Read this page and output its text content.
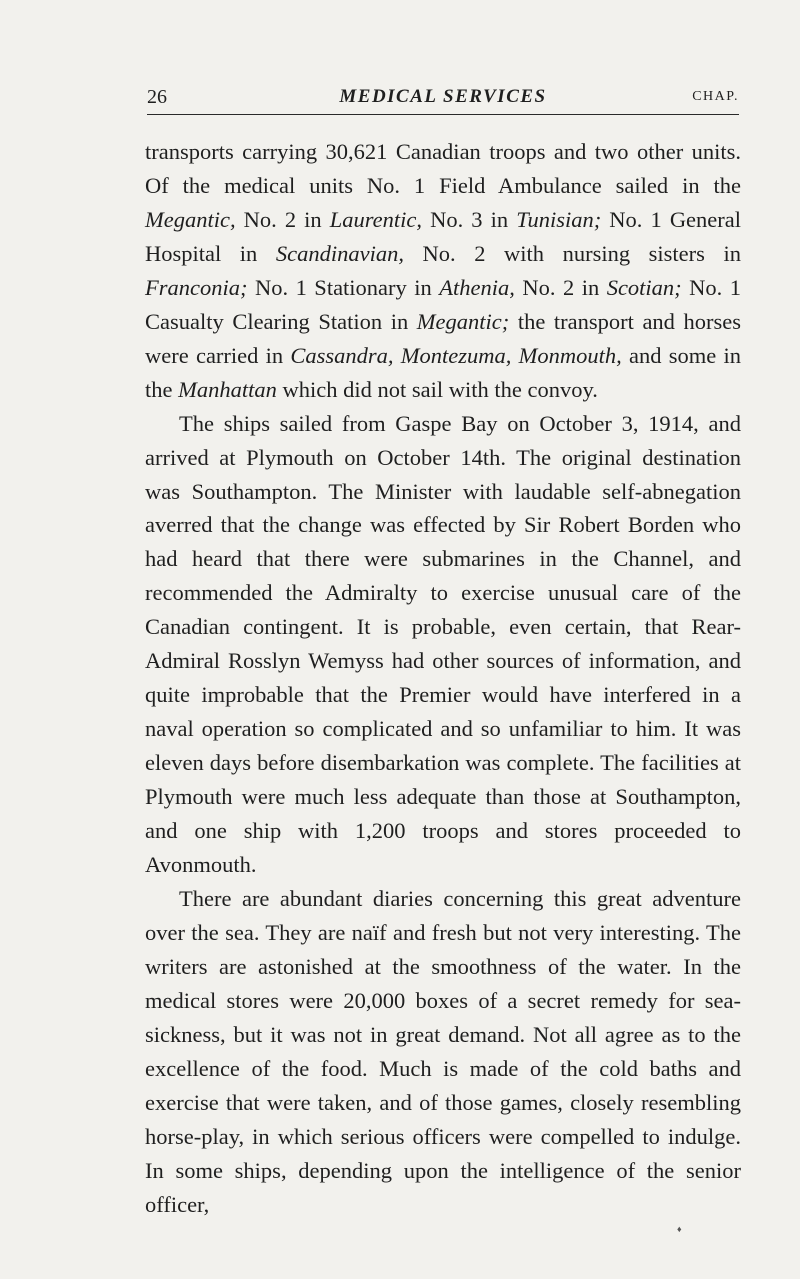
26	MEDICAL SERVICES	CHAP.

transports carrying 30,621 Canadian troops and two other units. Of the medical units No. 1 Field Ambulance sailed in the Megantic, No. 2 in Laurentic, No. 3 in Tunisian; No. 1 General Hospital in Scandinavian, No. 2 with nursing sisters in Franconia; No. 1 Stationary in Athenia, No. 2 in Scotian; No. 1 Casualty Clearing Station in Megantic; the transport and horses were carried in Cassandra, Montezuma, Monmouth, and some in the Manhattan which did not sail with the convoy.

The ships sailed from Gaspe Bay on October 3, 1914, and arrived at Plymouth on October 14th. The original destination was Southampton. The Minister with laudable self-abnegation averred that the change was effected by Sir Robert Borden who had heard that there were submarines in the Channel, and recommended the Admiralty to exercise unusual care of the Canadian contingent. It is probable, even certain, that Rear-Admiral Rosslyn Wemyss had other sources of information, and quite improbable that the Premier would have interfered in a naval operation so complicated and so unfamiliar to him. It was eleven days before disembarkation was complete. The facilities at Plymouth were much less adequate than those at Southampton, and one ship with 1,200 troops and stores proceeded to Avonmouth.

There are abundant diaries concerning this great adventure over the sea. They are naïf and fresh but not very interesting. The writers are astonished at the smoothness of the water. In the medical stores were 20,000 boxes of a secret remedy for sea-sickness, but it was not in great demand. Not all agree as to the excellence of the food. Much is made of the cold baths and exercise that were taken, and of those games, closely resembling horse-play, in which serious officers were compelled to indulge. In some ships, depending upon the intelligence of the senior officer,

♦
